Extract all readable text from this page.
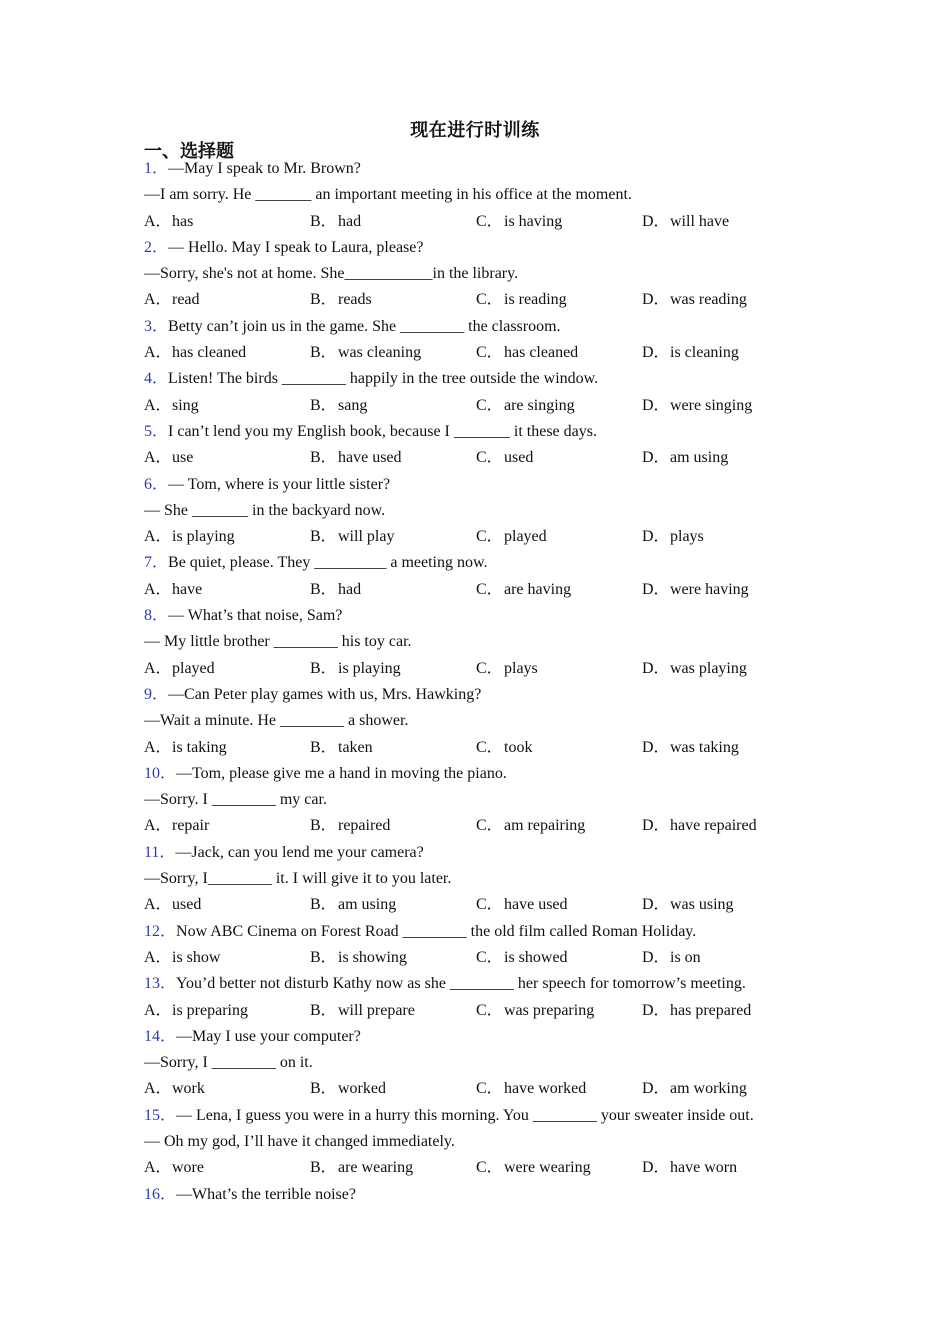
现在进行时训练
一、选择题
1．—May I speak to Mr. Brown?
—I am sorry. He _______ an important meeting in his office at the moment.
A．has	B．had	C．is having	D．will have
2．— Hello. May I speak to Laura, please?
—Sorry, she's not at home. She___________in the library.
A．read	B．reads	C．is reading	D．was reading
3．Betty can’t join us in the game. She ________ the classroom.
A．has cleaned	B．was cleaning	C．has cleaned	D．is cleaning
4．Listen! The birds ________ happily in the tree outside the window.
A．sing	B．sang	C．are singing	D．were singing
5．I can’t lend you my English book, because I _______ it these days.
A．use	B．have used	C．used	D．am using
6．— Tom, where is your little sister?
— She _______ in the backyard now.
A．is playing	B．will play	C．played	D．plays
7．Be quiet, please. They _________ a meeting now.
A．have	B．had	C．are having	D．were having
8．— What’s that noise, Sam?
— My little brother ________ his toy car.
A．played	B．is playing	C．plays	D．was playing
9．—Can Peter play games with us, Mrs. Hawking?
—Wait a minute. He ________ a shower.
A．is taking	B．taken	C．took	D．was taking
10．—Tom, please give me a hand in moving the piano.
—Sorry. I ________ my car.
A．repair	B．repaired	C．am repairing	D．have repaired
11．—Jack, can you lend me your camera?
—Sorry, I________ it. I will give it to you later.
A．used	B．am using	C．have used	D．was using
12．Now ABC Cinema on Forest Road ________ the old film called Roman Holiday.
A．is show	B．is showing	C．is showed	D．is on
13．You’d better not disturb Kathy now as she ________ her speech for tomorrow’s meeting.
A．is preparing	B．will prepare	C．was preparing	D．has prepared
14．—May I use your computer?
—Sorry, I ________ on it.
A．work	B．worked	C．have worked	D．am working
15．— Lena, I guess you were in a hurry this morning. You ________ your sweater inside out.
— Oh my god, I’ll have it changed immediately.
A．wore	B．are wearing	C．were wearing	D．have worn
16．—What’s the terrible noise?
